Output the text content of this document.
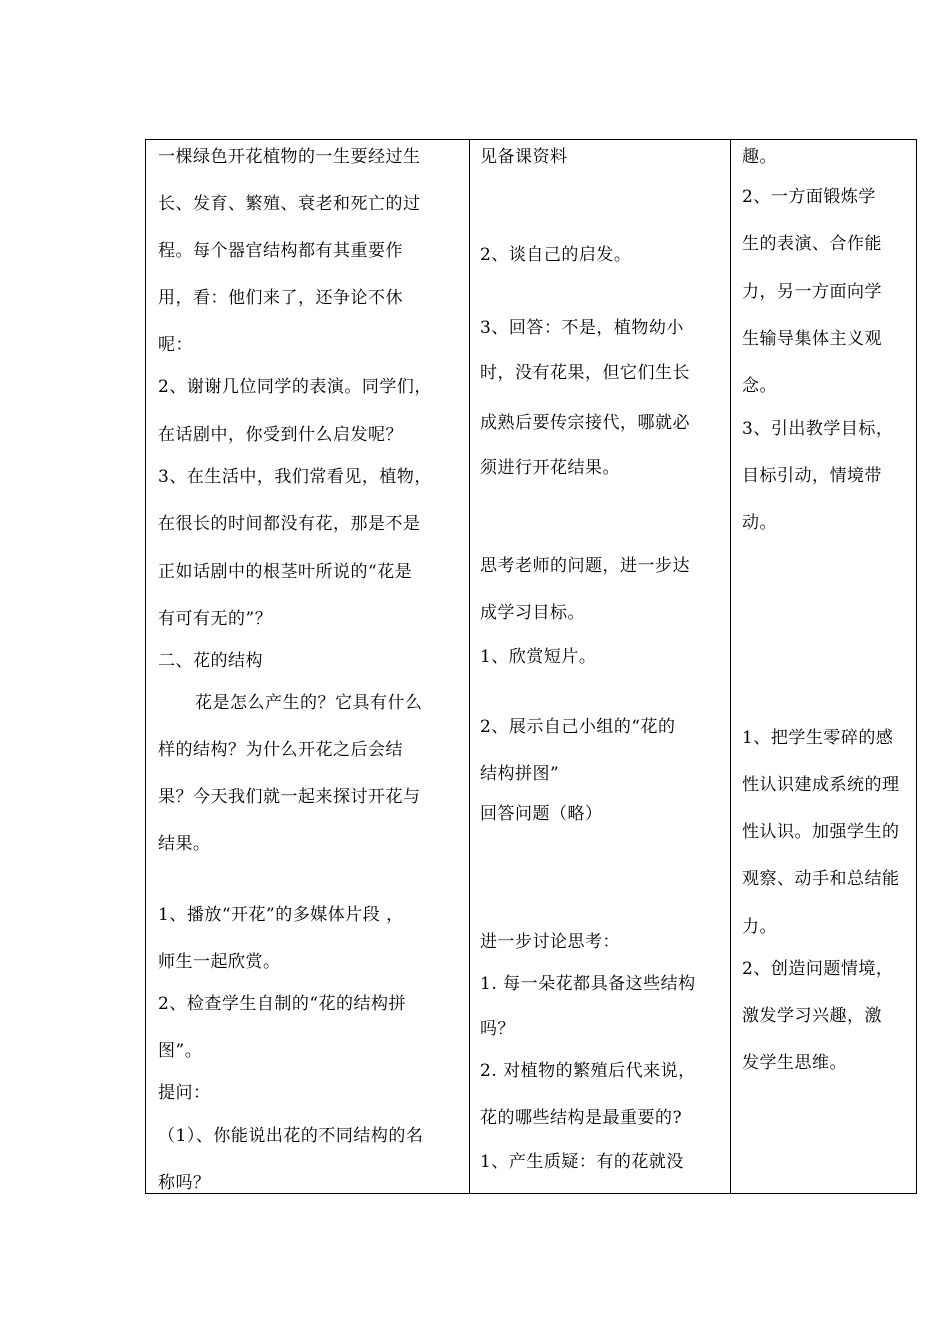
一棵绿色开花植物的一生要经过生
长、发育、繁殖、衰老和死亡的过
程。每个器官结构都有其重要作
用，看：他们来了，还争论不休
呢：
2、谢谢几位同学的表演。同学们，
在话剧中，你受到什么启发呢？
3、在生活中，我们常看见，植物，
在很长的时间都没有花，那是不是
正如话剧中的根茎叶所说的“花是
有可有无的”？
二、花的结构
花是怎么产生的？它具有什么
样的结构？为什么开花之后会结
果？今天我们就一起来探讨开花与
结果。
1、播放“开花”的多媒体片段 ，
师生一起欣赏。
2、检查学生自制的“花的结构拼
图”。
提问：
（1）、你能说出花的不同结构的名
称吗？
见备课资料
2、谈自己的启发。
3、回答：不是，植物幼小
时，没有花果，但它们生长
成熟后要传宗接代，哪就必
须进行开花结果。
思考老师的问题，进一步达
成学习目标。
1、欣赏短片。
2、展示自己小组的“花的
结构拼图”
回答问题（略）
进一步讨论思考：
1. 每一朵花都具备这些结构
吗？
2. 对植物的繁殖后代来说，
花的哪些结构是最重要的?
1、产生质疑：有的花就没
趣。
2、一方面锻炼学
生的表演、合作能
力，另一方面向学
生输导集体主义观
念。
3、引出教学目标，
目标引动，情境带
动。
1、把学生零碎的感
性认识建成系统的理
性认识。加强学生的
观察、动手和总结能
力。
2、创造问题情境，
激发学习兴趣，激
发学生思维。
